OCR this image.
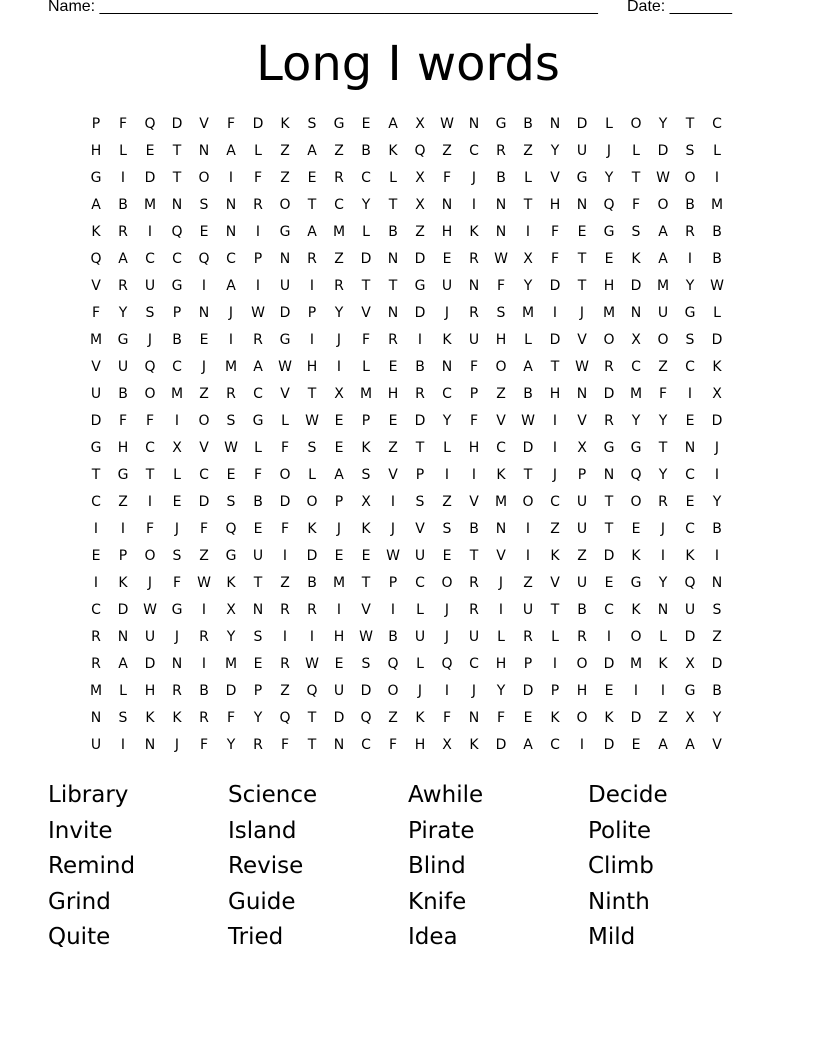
Name: ________________________________________________________ Date: _______
Long I words
P	F	Q	D	V	F	D	K	S	G	E	A	X	W	N	G	B	N	D	L	O	Y	T	C
H	L	E	T	N	A	L	Z	A	Z	B	K	Q	Z	C	R	Z	Y	U	J	L	D	S	L
G	I	D	T	O	I	F	Z	E	R	C	L	X	F	J	B	L	V	G	Y	T	W	O	I
A	B	M	N	S	N	R	O	T	C	Y	T	X	N	I	N	T	H	N	Q	F	O	B	M
K	R	I	Q	E	N	I	G	A	M	L	B	Z	H	K	N	I	F	E	G	S	A	R	B
Q	A	C	C	Q	C	P	N	R	Z	D	N	D	E	R	W	X	F	T	E	K	A	I	B
V	R	U	G	I	A	I	U	I	R	T	T	G	U	N	F	Y	D	T	H	D	M	Y	W
F	Y	S	P	N	J	W	D	P	Y	V	N	D	J	R	S	M	I	J	M	N	U	G	L
M	G	J	B	E	I	R	G	I	J	F	R	I	K	U	H	L	D	V	O	X	O	S	D
V	U	Q	C	J	M	A	W	H	I	L	E	B	N	F	O	A	T	W	R	C	Z	C	K
U	B	O	M	Z	R	C	V	T	X	M	H	R	C	P	Z	B	H	N	D	M	F	I	X
D	F	F	I	O	S	G	L	W	E	P	E	D	Y	F	V	W	I	V	R	Y	Y	E	D
G	H	C	X	V	W	L	F	S	E	K	Z	T	L	H	C	D	I	X	G	G	T	N	J
T	G	T	L	C	E	F	O	L	A	S	V	P	I	I	K	T	J	P	N	Q	Y	C	I
C	Z	I	E	D	S	B	D	O	P	X	I	S	Z	V	M	O	C	U	T	O	R	E	Y
I	I	F	J	F	Q	E	F	K	J	K	J	V	S	B	N	I	Z	U	T	E	J	C	B
E	P	O	S	Z	G	U	I	D	E	E	W	U	E	T	V	I	K	Z	D	K	I	K	I
I	K	J	F	W	K	T	Z	B	M	T	P	C	O	R	J	Z	V	U	E	G	Y	Q	N
C	D	W	G	I	X	N	R	R	I	V	I	L	J	R	I	U	T	B	C	K	N	U	S
R	N	U	J	R	Y	S	I	I	H	W	B	U	J	U	L	R	L	R	I	O	L	D	Z
R	A	D	N	I	M	E	R	W	E	S	Q	L	Q	C	H	P	I	O	D	M	K	X	D
M	L	H	R	B	D	P	Z	Q	U	D	O	J	I	J	Y	D	P	H	E	I	I	G	B
N	S	K	K	R	F	Y	Q	T	D	Q	Z	K	F	N	F	E	K	O	K	D	Z	X	Y
U	I	N	J	F	Y	R	F	T	N	C	F	H	X	K	D	A	C	I	D	E	A	A	V
Library	Science	Awhile	Decide
Invite	Island	Pirate	Polite
Remind	Revise	Blind	Climb
Grind	Guide	Knife	Ninth
Quite	Tried	Idea	Mild
